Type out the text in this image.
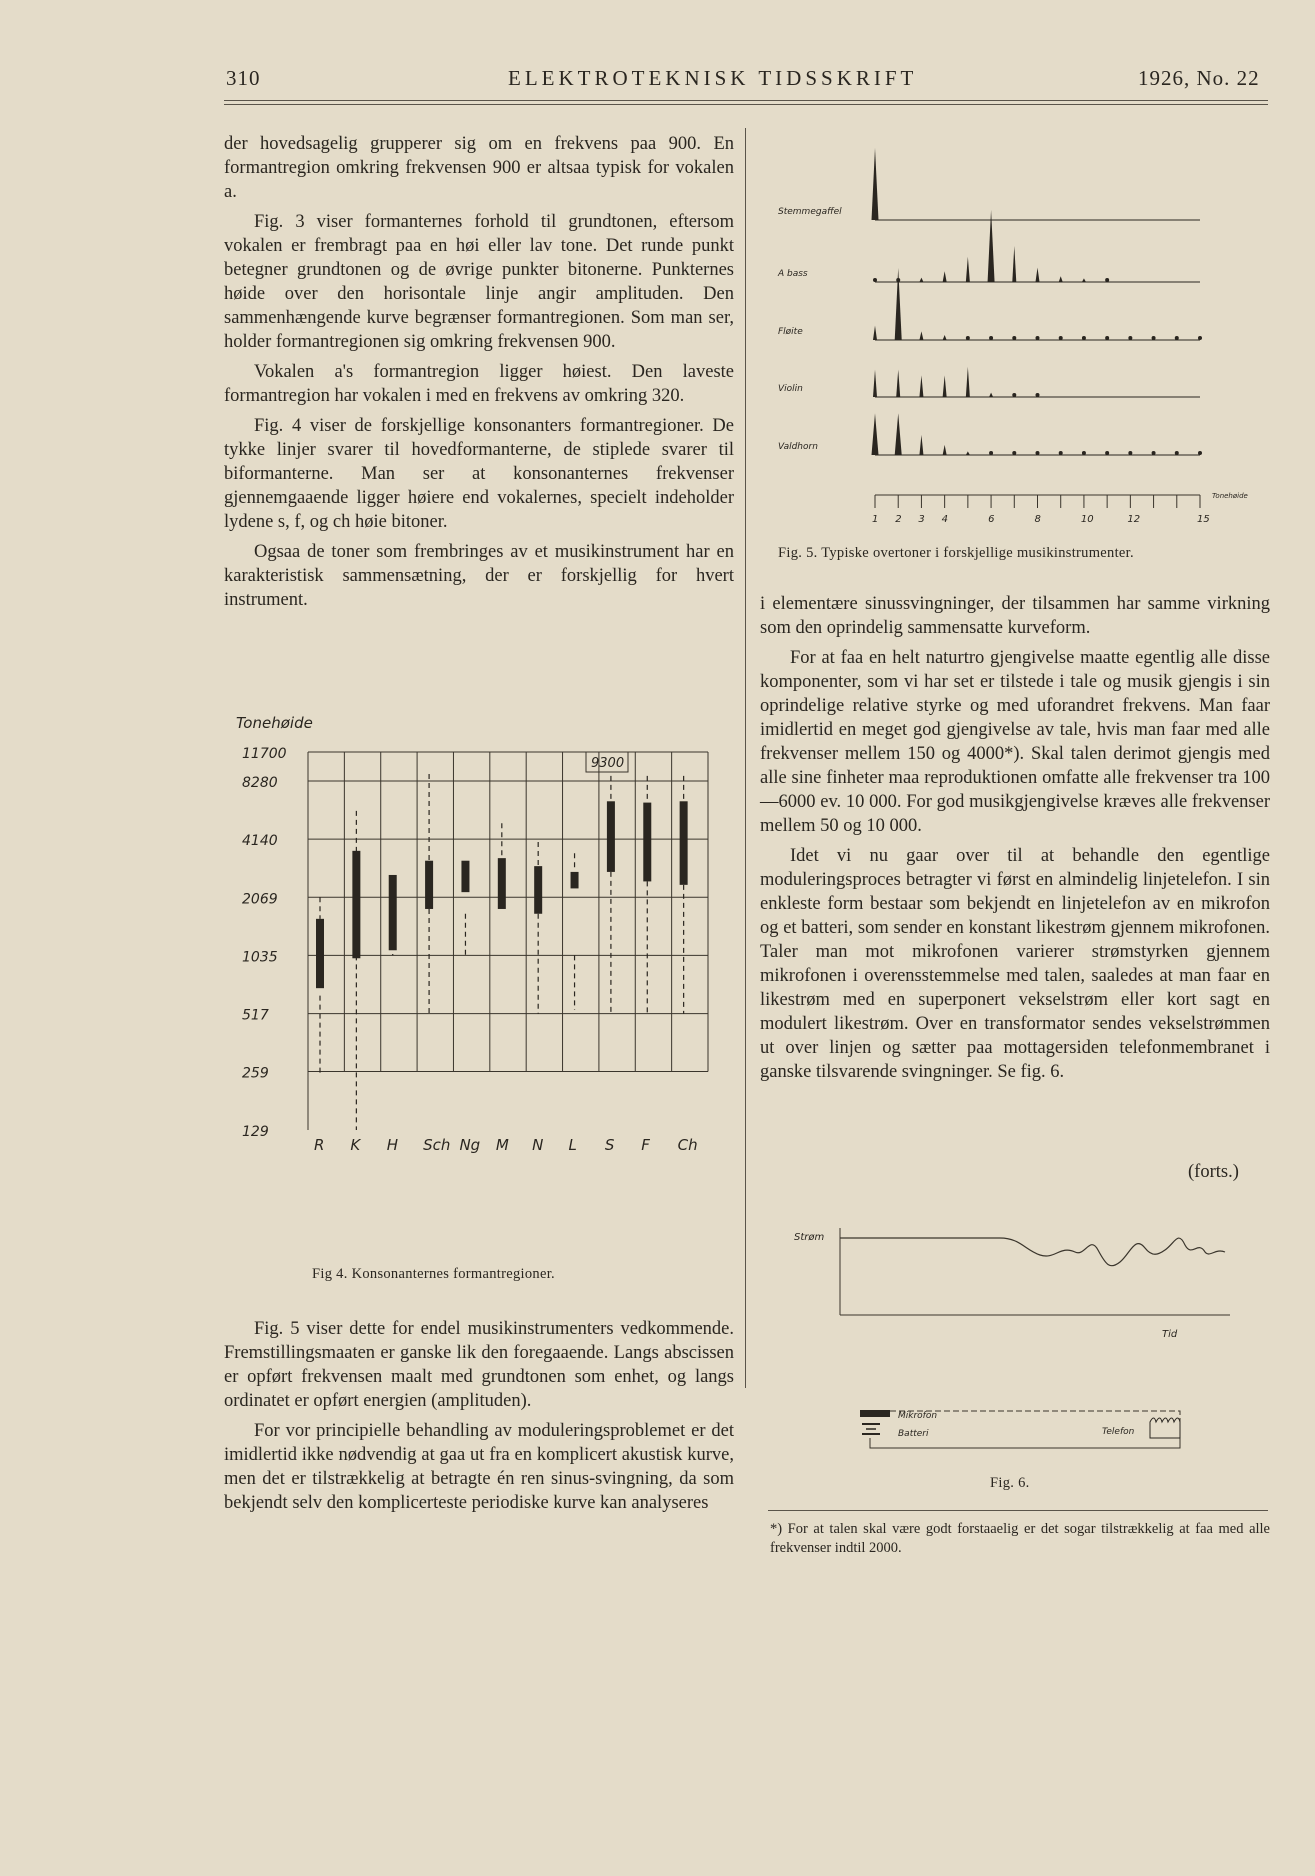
310	ELEKTROTEKNISK TIDSSKRIFT	1926, No. 22

der hovedsagelig grupperer sig om en frekvens paa 900. En formantregion omkring frekvensen 900 er altsaa typisk for vokalen a.

Fig. 3 viser formanternes forhold til grundtonen, eftersom vokalen er frembragt paa en høi eller lav tone. Det runde punkt betegner grundtonen og de øvrige punkter bitonerne. Punkternes høide over den horisontale linje angir amplituden. Den sammenhængende kurve begrænser formantregionen. Som man ser, holder formantregionen sig omkring frekvensen 900.

Vokalen a's formantregion ligger høiest. Den laveste formantregion har vokalen i med en frekvens av omkring 320.

Fig. 4 viser de forskjellige konsonanters formantregioner. De tykke linjer svarer til hovedformanterne, de stiplede svarer til biformanterne. Man ser at konsonanternes frekvenser gjennemgaaende ligger høiere end vokalernes, specielt indeholder lydene s, f, og ch høie bitoner.

Ogsaa de toner som frembringes av et musikinstrument har en karakteristisk sammensætning, der er forskjellig for hvert instrument.

Tonehøide
11700
8280
4140
2069
1035
517
259
129
9300
R K H Sch Ng M N L S F Ch
Fig 4. Konsonanternes formantregioner.

Fig. 5 viser dette for endel musikinstrumenters vedkommende. Fremstillingsmaaten er ganske lik den foregaaende. Langs abscissen er opført frekvensen maalt med grundtonen som enhet, og langs ordinatet er opført energien (amplituden).

For vor principielle behandling av moduleringsproblemet er det imidlertid ikke nødvendig at gaa ut fra en komplicert akustisk kurve, men det er tilstrækkelig at betragte én ren sinus-svingning, da som bekjendt selv den komplicerteste periodiske kurve kan analyseres

Stemmegaffel
A bass
Fløite
Violin
Valdhorn
1 2 3 4	6	8	10	12	15
Tonehøide
Fig. 5. Typiske overtoner i forskjellige musikinstrumenter.

i elementære sinussvingninger, der tilsammen har samme virkning som den oprindelig sammensatte kurveform.

For at faa en helt naturtro gjengivelse maatte egentlig alle disse komponenter, som vi har set er tilstede i tale og musik gjengis i sin oprindelige relative styrke og med uforandret frekvens. Man faar imidlertid en meget god gjengivelse av tale, hvis man faar med alle frekvenser mellem 150 og 4000*). Skal talen derimot gjengis med alle sine finheter maa reproduktionen omfatte alle frekvenser tra 100—6000 ev. 10 000. For god musikgjengivelse kræves alle frekvenser mellem 50 og 10 000.

Idet vi nu gaar over til at behandle den egentlige moduleringsproces betragter vi først en almindelig linjetelefon. I sin enkleste form bestaar som bekjendt en linjetelefon av en mikrofon og et batteri, som sender en konstant likestrøm gjennem mikrofonen. Taler man mot mikrofonen varierer strømstyrken gjennem mikrofonen i overensstemmelse med talen, saaledes at man faar en likestrøm med en superponert vekselstrøm eller kort sagt en modulert likestrøm. Over en transformator sendes vekselstrømmen ut over linjen og sætter paa mottagersiden telefonmembranet i ganske tilsvarende svingninger. Se fig. 6.

(forts.)
Strøm
Tid
Mikrofon
Batteri	Telefon
Fig. 6.
*) For at talen skal være godt forstaaelig er det sogar tilstrækkelig at faa med alle frekvenser indtil 2000.
